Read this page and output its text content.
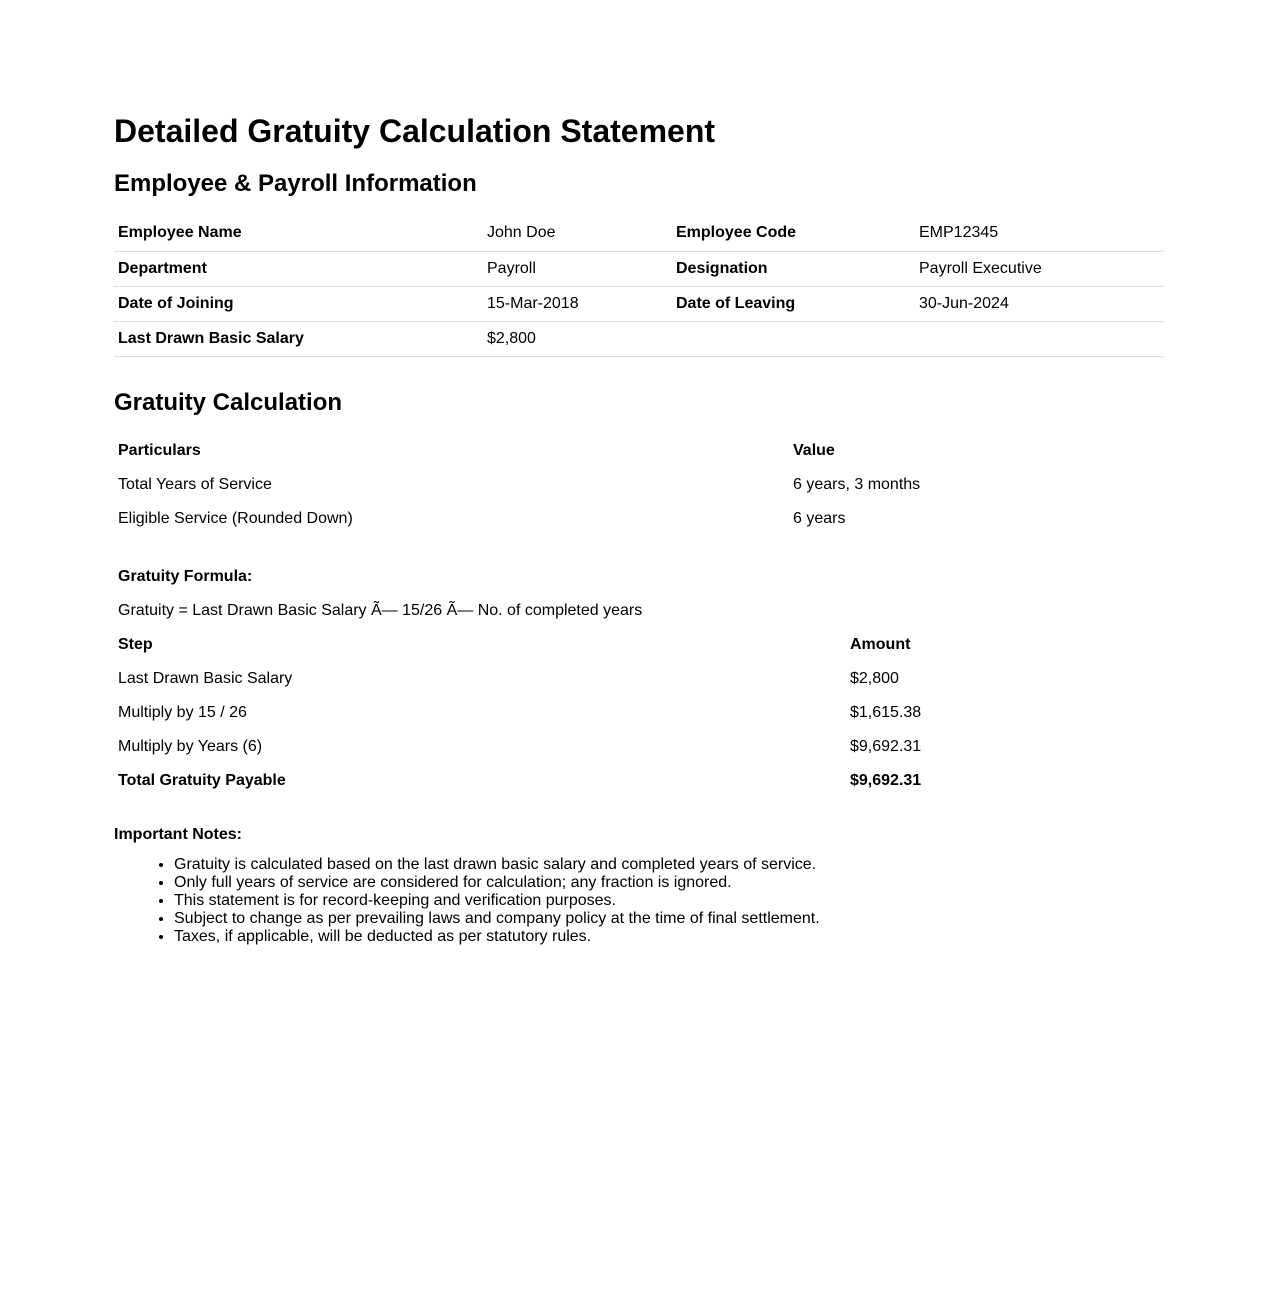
Detailed Gratuity Calculation Statement
Employee & Payroll Information
Employee Name	John Doe	Employee Code	EMP12345
Department	Payroll	Designation	Payroll Executive
Date of Joining	15-Mar-2018	Date of Leaving	30-Jun-2024
Last Drawn Basic Salary	$2,800		
Gratuity Calculation
Particulars	Value
Total Years of Service	6 years, 3 months
Eligible Service (Rounded Down)	6 years
Gratuity Formula:
Gratuity = Last Drawn Basic Salary Ã— 15/26 Ã— No. of completed years
Step	Amount
Last Drawn Basic Salary	$2,800
Multiply by 15 / 26	$1,615.38
Multiply by Years (6)	$9,692.31
Total Gratuity Payable	$9,692.31
Important Notes:
• Gratuity is calculated based on the last drawn basic salary and completed years of service.
• Only full years of service are considered for calculation; any fraction is ignored.
• This statement is for record-keeping and verification purposes.
• Subject to change as per prevailing laws and company policy at the time of final settlement.
• Taxes, if applicable, will be deducted as per statutory rules.
